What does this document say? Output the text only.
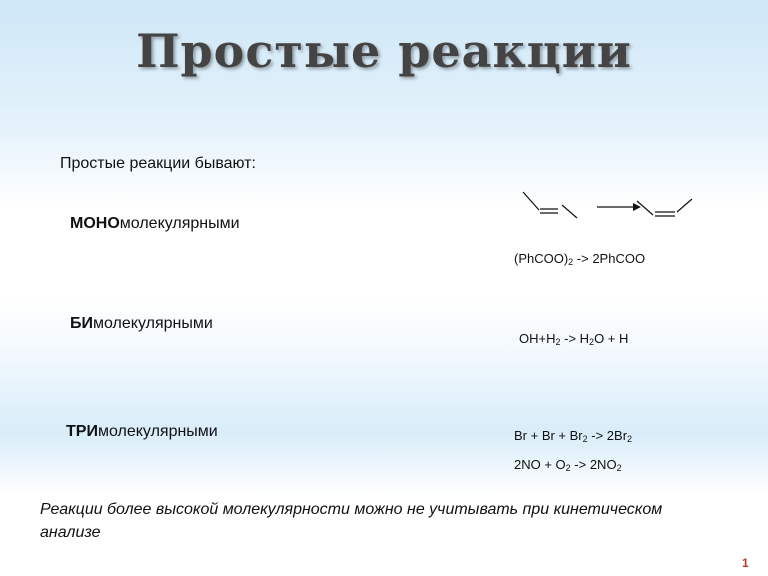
Простые реакции
Простые реакции бывают:
МОНОмолекулярными
БИмолекулярными
ТРИмолекулярными
$(PhCOO)_2$ -> 2PhCOO
$OH+H_2 -> H_2O + H$
$Br + Br + Br_2 -> 2Br_2$
$2NO + O_2 -> 2NO_2$
Реакции более высокой молекулярности можно не учитывать при кинетическом анализе
1
